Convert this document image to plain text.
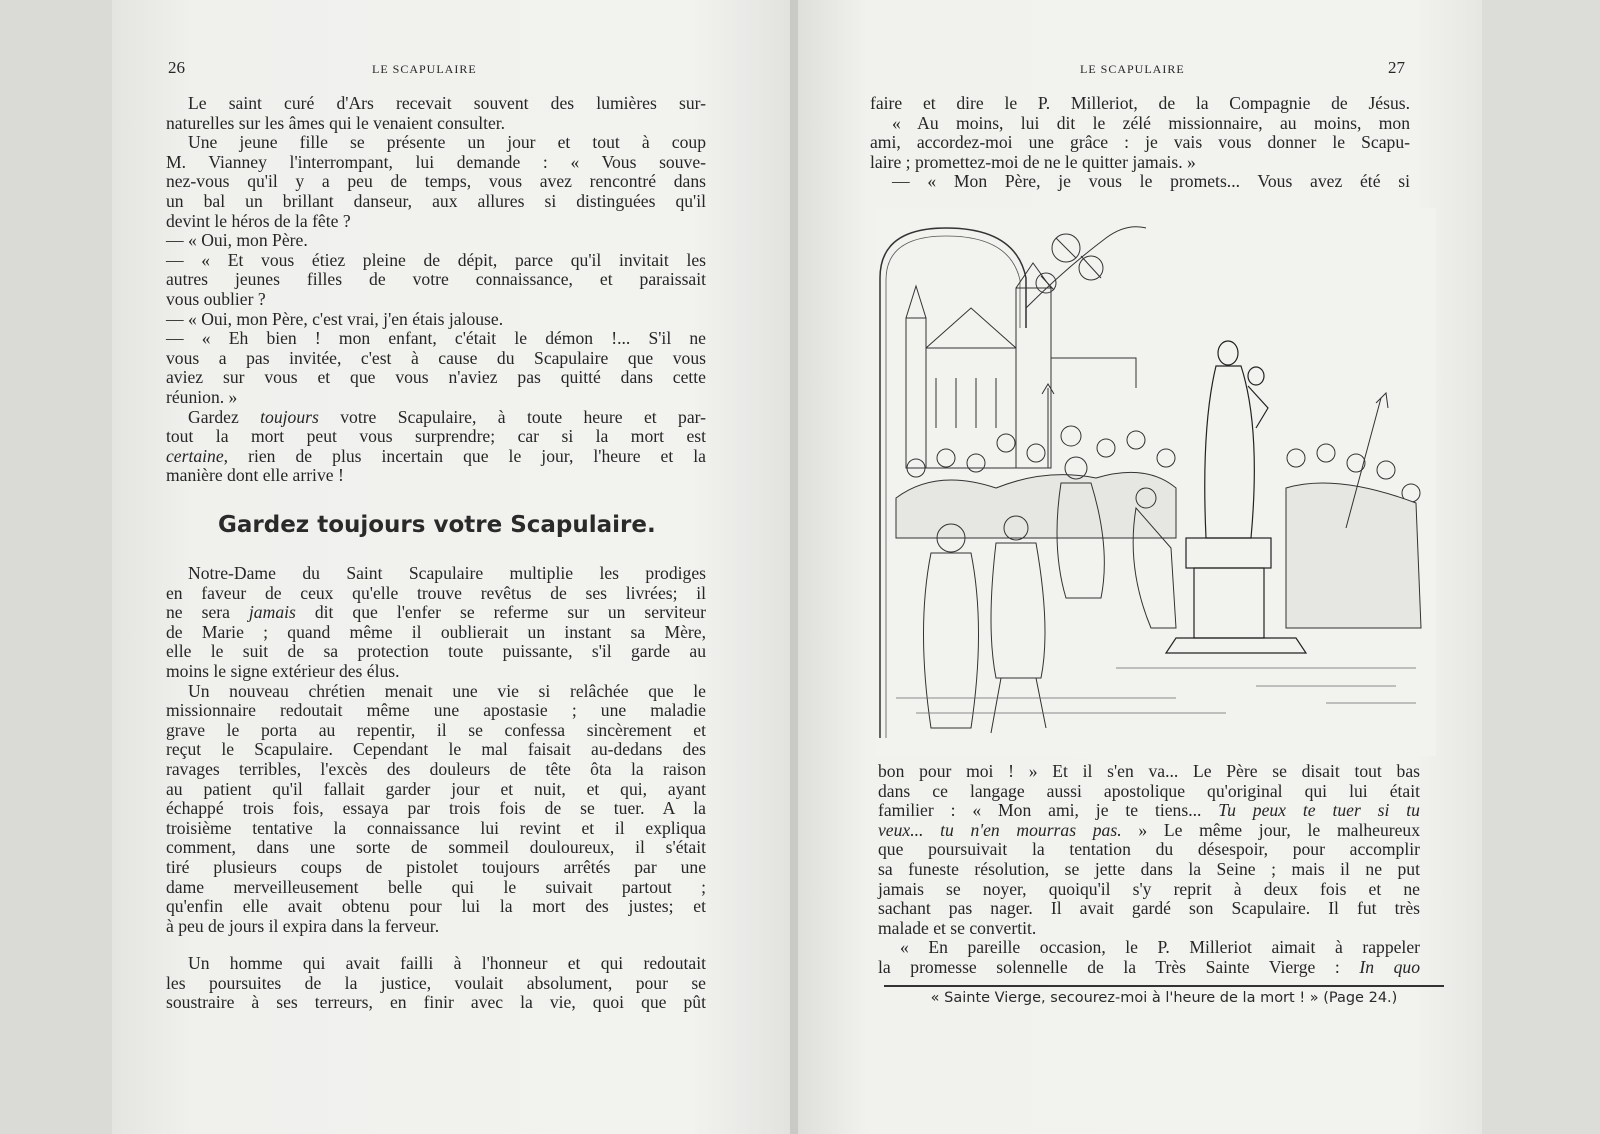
26	LE SCAPULAIRE
Le saint curé d'Ars recevait souvent des lumières sur-
naturelles sur les âmes qui le venaient consulter.
Une jeune fille se présente un jour et tout à coup
M. Vianney l'interrompant, lui demande : « Vous souve-
nez-vous qu'il y a peu de temps, vous avez rencontré dans
un bal un brillant danseur, aux allures si distinguées qu'il
devint le héros de la fête ?
— « Oui, mon Père.
— « Et vous étiez pleine de dépit, parce qu'il invitait les
autres jeunes filles de votre connaissance, et paraissait
vous oublier ?
— « Oui, mon Père, c'est vrai, j'en étais jalouse.
— « Eh bien ! mon enfant, c'était le démon !... S'il ne
vous a pas invitée, c'est à cause du Scapulaire que vous
aviez sur vous et que vous n'aviez pas quitté dans cette
réunion. »
Gardez toujours votre Scapulaire, à toute heure et par-
tout la mort peut vous surprendre; car si la mort est
certaine, rien de plus incertain que le jour, l'heure et la
manière dont elle arrive !
Gardez toujours votre Scapulaire.
Notre-Dame du Saint Scapulaire multiplie les prodiges
en faveur de ceux qu'elle trouve revêtus de ses livrées; il
ne sera jamais dit que l'enfer se referme sur un serviteur
de Marie ; quand même il oublierait un instant sa Mère,
elle le suit de sa protection toute puissante, s'il garde au
moins le signe extérieur des élus.
Un nouveau chrétien menait une vie si relâchée que le
missionnaire redoutait même une apostasie ; une maladie
grave le porta au repentir, il se confessa sincèrement et
reçut le Scapulaire. Cependant le mal faisait au-dedans des
ravages terribles, l'excès des douleurs de tête ôta la raison
au patient qu'il fallait garder jour et nuit, et qui, ayant
échappé trois fois, essaya par trois fois de se tuer. A la
troisième tentative la connaissance lui revint et il expliqua
comment, dans une sorte de sommeil douloureux, il s'était
tiré plusieurs coups de pistolet toujours arrêtés par une
dame merveilleusement belle qui le suivait partout ;
qu'enfin elle avait obtenu pour lui la mort des justes; et
à peu de jours il expira dans la ferveur.
Un homme qui avait failli à l'honneur et qui redoutait
les poursuites de la justice, voulait absolument, pour se
soustraire à ses terreurs, en finir avec la vie, quoi que pût
LE SCAPULAIRE	27
faire et dire le P. Milleriot, de la Compagnie de Jésus.
« Au moins, lui dit le zélé missionnaire, au moins, mon
ami, accordez-moi une grâce : je vais vous donner le Scapu-
laire ; promettez-moi de ne le quitter jamais. »
— « Mon Père, je vous le promets... Vous avez été si
bon pour moi ! » Et il s'en va... Le Père se disait tout bas
dans ce langage aussi apostolique qu'original qui lui était
familier : « Mon ami, je te tiens... Tu peux te tuer si tu
veux... tu n'en mourras pas. » Le même jour, le malheureux
que poursuivait la tentation du désespoir, pour accomplir
sa funeste résolution, se jette dans la Seine ; mais il ne put
jamais se noyer, quoiqu'il s'y reprit à deux fois et ne
sachant pas nager. Il avait gardé son Scapulaire. Il fut très
malade et se convertit.
« En pareille occasion, le P. Milleriot aimait à rappeler
la promesse solennelle de la Très Sainte Vierge : In quo
« Sainte Vierge, secourez-moi à l'heure de la mort ! » (Page 24.)
